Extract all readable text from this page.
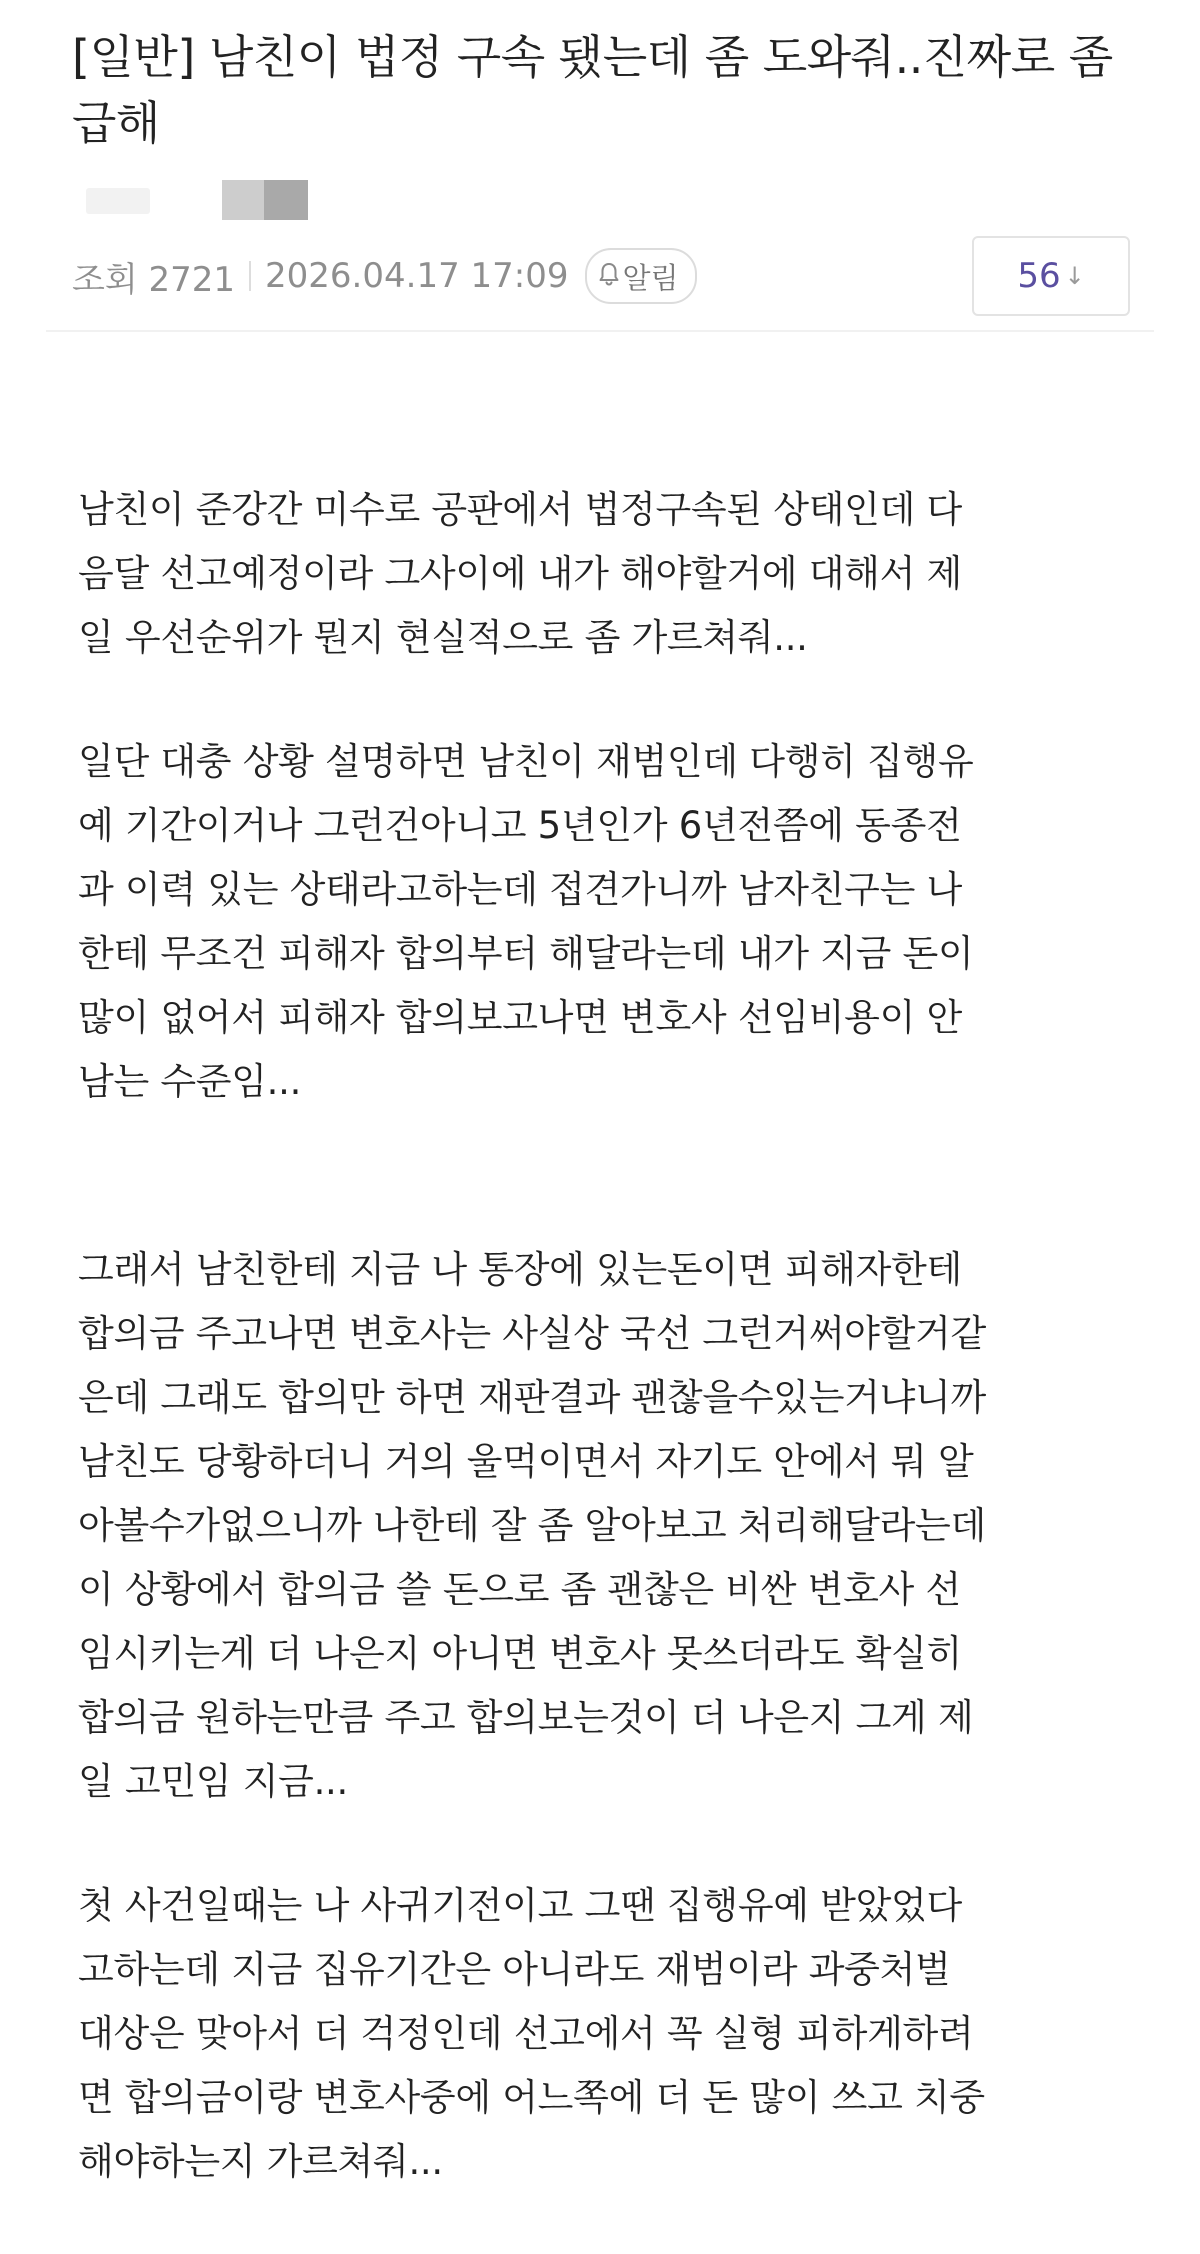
[일반] 남친이 법정 구속 됐는데 좀 도와줘..진짜로 좀 급해
조회 2721 2026.04.17 17:09 알림	56 ↓

남친이 준강간 미수로 공판에서 법정구속된 상태인데 다
음달 선고예정이라 그사이에 내가 해야할거에 대해서 제
일 우선순위가 뭔지 현실적으로 좀 가르쳐줘...

일단 대충 상황 설명하면 남친이 재범인데 다행히 집행유
예 기간이거나 그런건아니고 5년인가 6년전쯤에 동종전
과 이력 있는 상태라고하는데 접견가니까 남자친구는 나
한테 무조건 피해자 합의부터 해달라는데 내가 지금 돈이
많이 없어서 피해자 합의보고나면 변호사 선임비용이 안
남는 수준임...

그래서 남친한테 지금 나 통장에 있는돈이면 피해자한테
합의금 주고나면 변호사는 사실상 국선 그런거써야할거같
은데 그래도 합의만 하면 재판결과 괜찮을수있는거냐니까
남친도 당황하더니 거의 울먹이면서 자기도 안에서 뭐 알
아볼수가없으니까 나한테 잘 좀 알아보고 처리해달라는데
이 상황에서 합의금 쓸 돈으로 좀 괜찮은 비싼 변호사 선
임시키는게 더 나은지 아니면 변호사 못쓰더라도 확실히
합의금 원하는만큼 주고 합의보는것이 더 나은지 그게 제
일 고민임 지금...

첫 사건일때는 나 사귀기전이고 그땐 집행유예 받았었다
고하는데 지금 집유기간은 아니라도 재범이라 과중처벌
대상은 맞아서 더 걱정인데 선고에서 꼭 실형 피하게하려
면 합의금이랑 변호사중에 어느쪽에 더 돈 많이 쓰고 치중
해야하는지 가르쳐줘...
